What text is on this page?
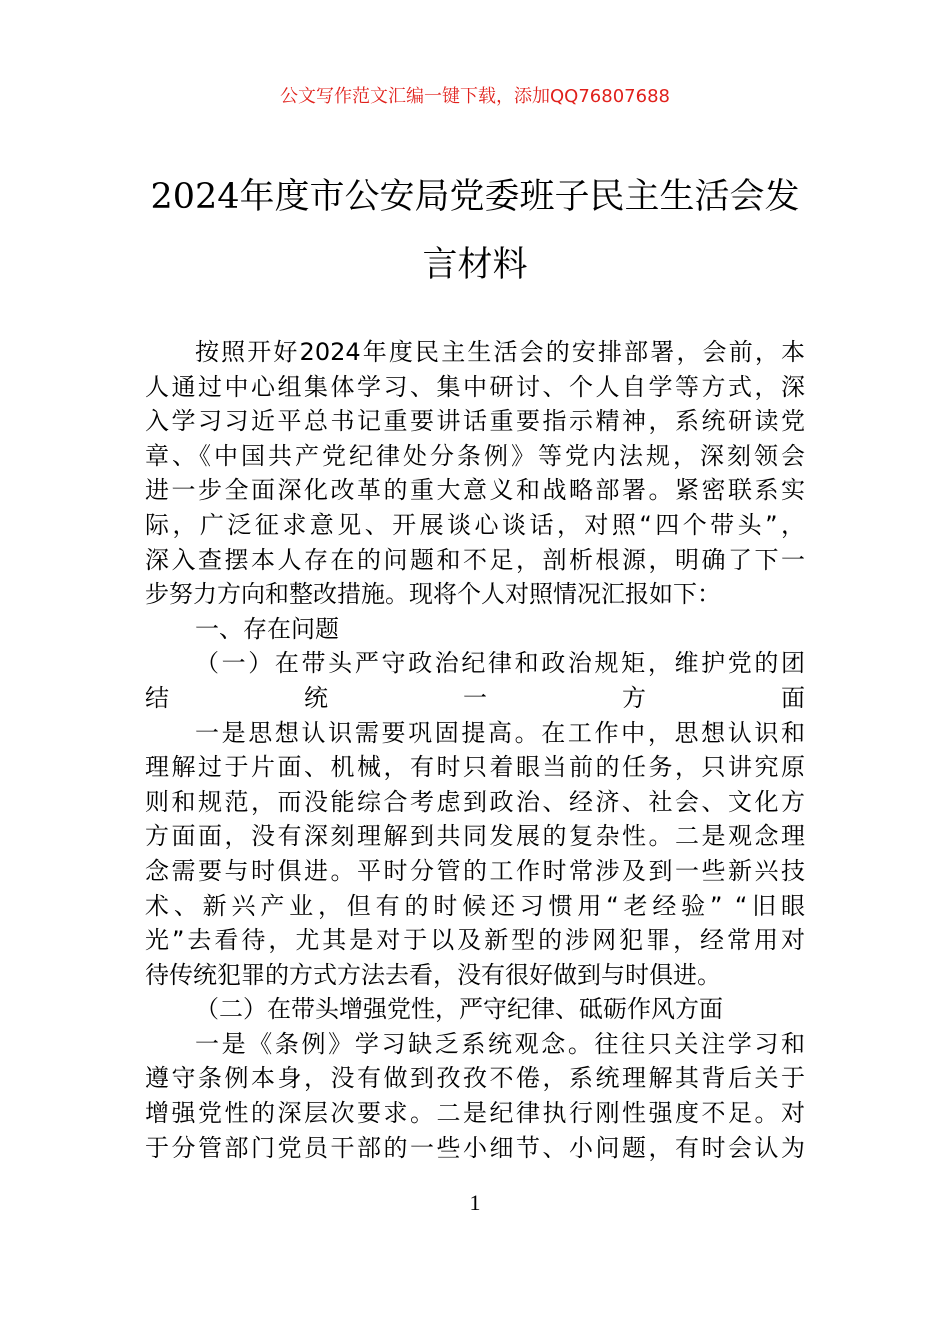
公文写作范文汇编一键下载，添加QQ76807688
2024年度市公安局党委班子民主生活会发
言材料
按照开好2024年度民主生活会的安排部署，会前，本
人通过中心组集体学习、集中研讨、个人自学等方式，深
入学习习近平总书记重要讲话重要指示精神，系统研读党
章、《中国共产党纪律处分条例》等党内法规，深刻领会
进一步全面深化改革的重大意义和战略部署。紧密联系实
际，广泛征求意见、开展谈心谈话，对照“四个带头”，
深入查摆本人存在的问题和不足，剖析根源，明确了下一
步努力方向和整改措施。现将个人对照情况汇报如下：
一、存在问题
（一）在带头严守政治纪律和政治规矩，维护党的团
结统一方面
一是思想认识需要巩固提高。在工作中，思想认识和
理解过于片面、机械，有时只着眼当前的任务，只讲究原
则和规范，而没能综合考虑到政治、经济、社会、文化方
方面面，没有深刻理解到共同发展的复杂性。二是观念理
念需要与时俱进。平时分管的工作时常涉及到一些新兴技
术、新兴产业，但有的时候还习惯用“老经验” “旧眼
光”去看待，尤其是对于以及新型的涉网犯罪，经常用对
待传统犯罪的方式方法去看，没有很好做到与时俱进。
（二）在带头增强党性，严守纪律、砥砺作风方面
一是《条例》学习缺乏系统观念。往往只关注学习和
遵守条例本身，没有做到孜孜不倦，系统理解其背后关于
增强党性的深层次要求。二是纪律执行刚性强度不足。对
于分管部门党员干部的一些小细节、小问题，有时会认为
1
